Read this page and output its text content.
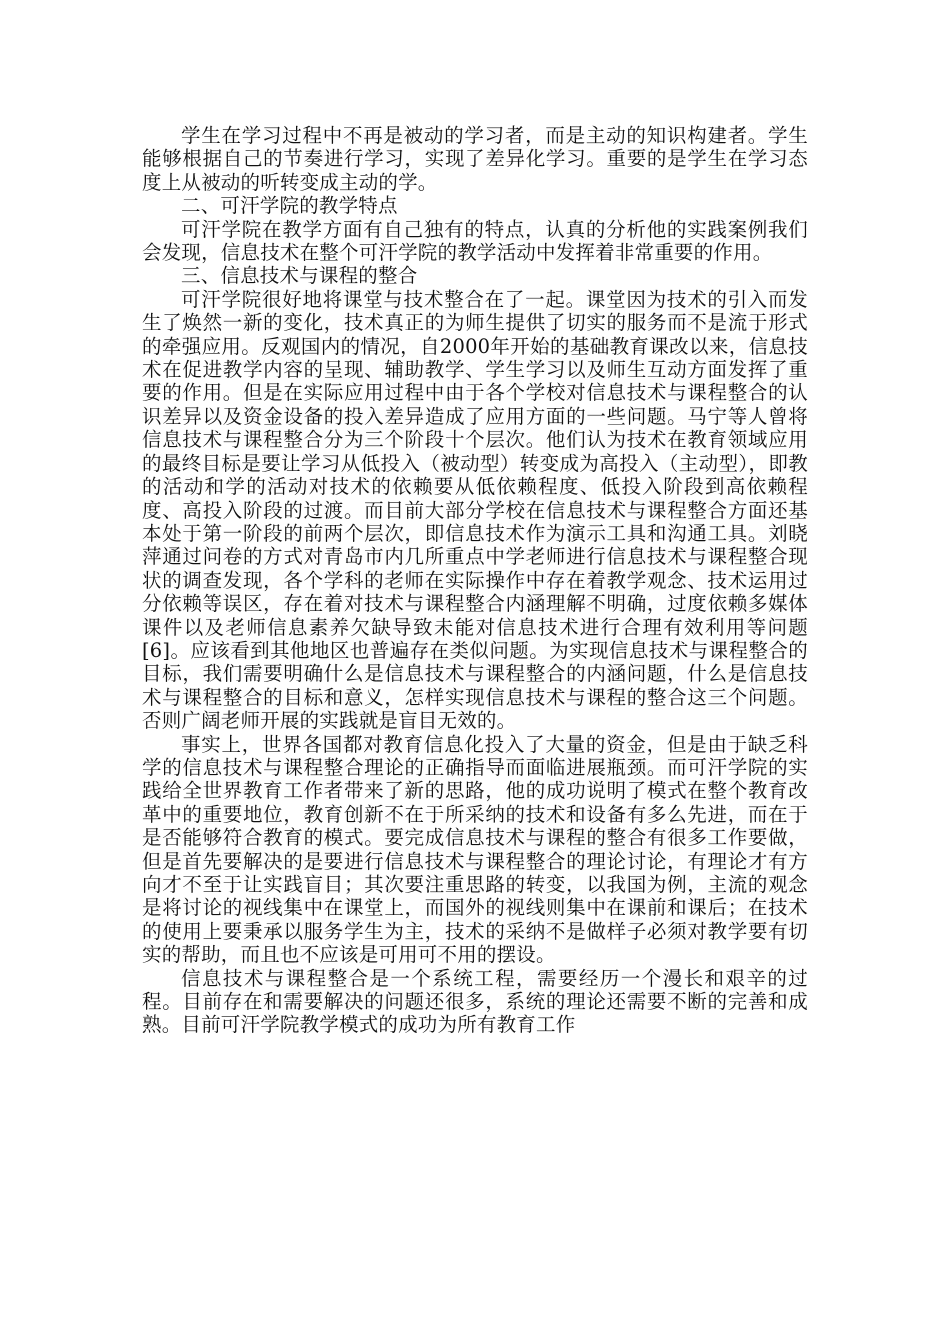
学生在学习过程中不再是被动的学习者，而是主动的知识构建者。学生能够根据自己的节奏进行学习，实现了差异化学习。重要的是学生在学习态度上从被动的听转变成主动的学。

二、可汗学院的教学特点

可汗学院在教学方面有自己独有的特点，认真的分析他的实践案例我们会发现，信息技术在整个可汗学院的教学活动中发挥着非常重要的作用。

三、信息技术与课程的整合

可汗学院很好地将课堂与技术整合在了一起。课堂因为技术的引入而发生了焕然一新的变化，技术真正的为师生提供了切实的服务而不是流于形式的牵强应用。反观国内的情况，自2000年开始的基础教育课改以来，信息技术在促进教学内容的呈现、辅助教学、学生学习以及师生互动方面发挥了重要的作用。但是在实际应用过程中由于各个学校对信息技术与课程整合的认识差异以及资金设备的投入差异造成了应用方面的一些问题。马宁等人曾将信息技术与课程整合分为三个阶段十个层次。他们认为技术在教育领域应用的最终目标是要让学习从低投入（被动型）转变成为高投入（主动型），即教的活动和学的活动对技术的依赖要从低依赖程度、低投入阶段到高依赖程度、高投入阶段的过渡。而目前大部分学校在信息技术与课程整合方面还基本处于第一阶段的前两个层次，即信息技术作为演示工具和沟通工具。刘晓萍通过问卷的方式对青岛市内几所重点中学老师进行信息技术与课程整合现状的调查发现，各个学科的老师在实际操作中存在着教学观念、技术运用过分依赖等误区，存在着对技术与课程整合内涵理解不明确，过度依赖多媒体课件以及老师信息素养欠缺导致未能对信息技术进行合理有效利用等问题[6]。应该看到其他地区也普遍存在类似问题。为实现信息技术与课程整合的目标，我们需要明确什么是信息技术与课程整合的内涵问题，什么是信息技术与课程整合的目标和意义，怎样实现信息技术与课程的整合这三个问题。否则广阔老师开展的实践就是盲目无效的。

事实上，世界各国都对教育信息化投入了大量的资金，但是由于缺乏科学的信息技术与课程整合理论的正确指导而面临进展瓶颈。而可汗学院的实践给全世界教育工作者带来了新的思路，他的成功说明了模式在整个教育改革中的重要地位，教育创新不在于所采纳的技术和设备有多么先进，而在于是否能够符合教育的模式。要完成信息技术与课程的整合有很多工作要做，但是首先要解决的是要进行信息技术与课程整合的理论讨论，有理论才有方向才不至于让实践盲目；其次要注重思路的转变，以我国为例，主流的观念是将讨论的视线集中在课堂上，而国外的视线则集中在课前和课后；在技术的使用上要秉承以服务学生为主，技术的采纳不是做样子必须对教学要有切实的帮助，而且也不应该是可用可不用的摆设。

信息技术与课程整合是一个系统工程，需要经历一个漫长和艰辛的过程。目前存在和需要解决的问题还很多，系统的理论还需要不断的完善和成熟。目前可汗学院教学模式的成功为所有教育工作
